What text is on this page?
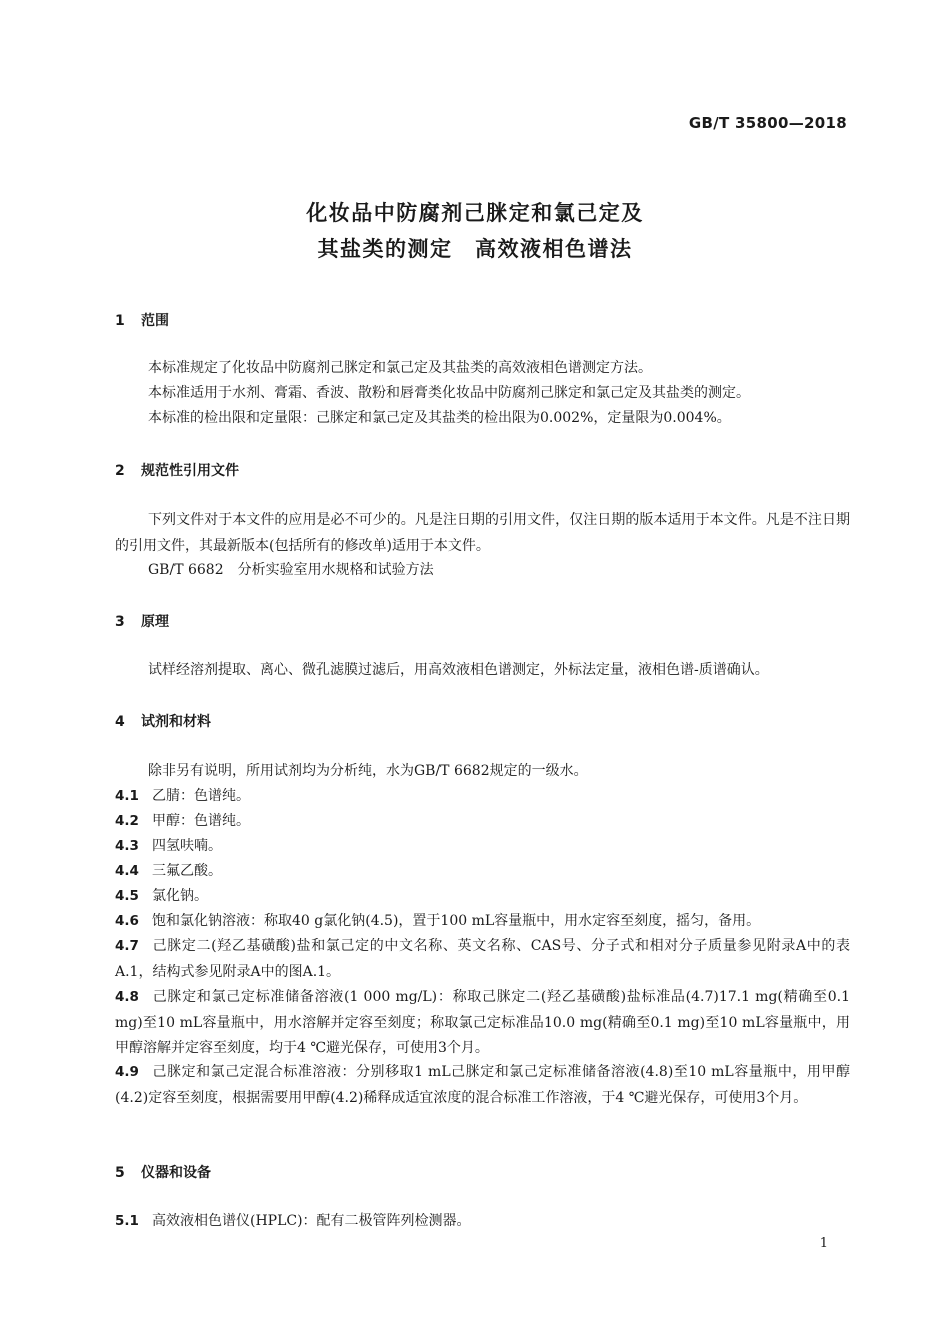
GB/T 35800—2018
化妆品中防腐剂己脒定和氯己定及
其盐类的测定　高效液相色谱法
1 范围
本标准规定了化妆品中防腐剂己脒定和氯己定及其盐类的高效液相色谱测定方法。
本标准适用于水剂、膏霜、香波、散粉和唇膏类化妆品中防腐剂己脒定和氯己定及其盐类的测定。
本标准的检出限和定量限：己脒定和氯己定及其盐类的检出限为0.002%，定量限为0.004%。
2 规范性引用文件
下列文件对于本文件的应用是必不可少的。凡是注日期的引用文件，仅注日期的版本适用于本文件。凡是不注日期的引用文件，其最新版本(包括所有的修改单)适用于本文件。
GB/T 6682　分析实验室用水规格和试验方法
3 原理
试样经溶剂提取、离心、微孔滤膜过滤后，用高效液相色谱测定，外标法定量，液相色谱-质谱确认。
4 试剂和材料
除非另有说明，所用试剂均为分析纯，水为GB/T 6682规定的一级水。
4.1 乙腈：色谱纯。
4.2 甲醇：色谱纯。
4.3 四氢呋喃。
4.4 三氟乙酸。
4.5 氯化钠。
4.6 饱和氯化钠溶液：称取40 g氯化钠(4.5)，置于100 mL容量瓶中，用水定容至刻度，摇匀，备用。
4.7 己脒定二(羟乙基磺酸)盐和氯己定的中文名称、英文名称、CAS号、分子式和相对分子质量参见附录A中的表A.1，结构式参见附录A中的图A.1。
4.8 己脒定和氯己定标准储备溶液(1 000 mg/L)：称取己脒定二(羟乙基磺酸)盐标准品(4.7)17.1 mg(精确至0.1 mg)至10 mL容量瓶中，用水溶解并定容至刻度；称取氯己定标准品10.0 mg(精确至0.1 mg)至10 mL容量瓶中，用甲醇溶解并定容至刻度，均于4 ℃避光保存，可使用3个月。
4.9 己脒定和氯己定混合标准溶液：分别移取1 mL己脒定和氯己定标准储备溶液(4.8)至10 mL容量瓶中，用甲醇(4.2)定容至刻度，根据需要用甲醇(4.2)稀释成适宜浓度的混合标准工作溶液，于4 ℃避光保存，可使用3个月。
5 仪器和设备
5.1 高效液相色谱仪(HPLC)：配有二极管阵列检测器。
1
